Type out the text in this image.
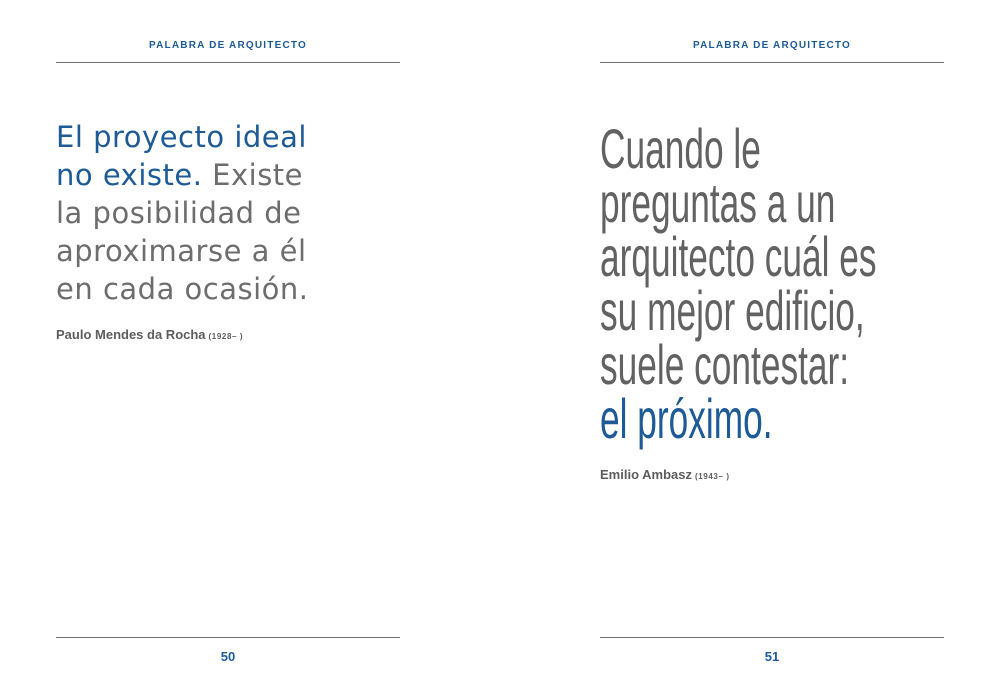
PALABRA DE ARQUITECTO

El proyecto ideal
no existe. Existe
la posibilidad de
aproximarse a él
en cada ocasión.

Paulo Mendes da Rocha (1928– )
50
PALABRA DE ARQUITECTO
Cuando le
preguntas a un
arquitecto cuál es
su mejor edificio,
suele contestar:
el próximo.
Emilio Ambasz (1943– )
51
